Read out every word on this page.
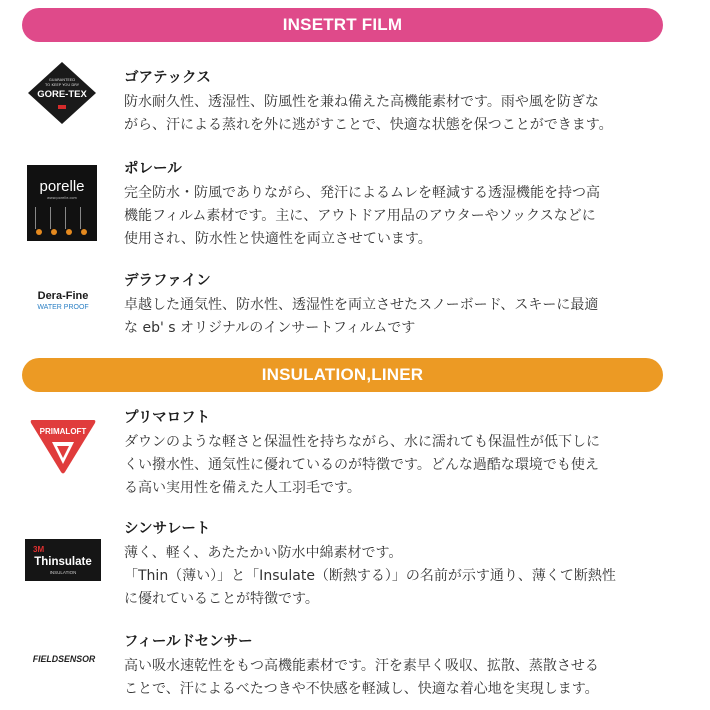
INSETRT FILM
GUARANTEED
TO KEEP YOU DRY
GORE-TEX
ゴアテックス
防水耐久性、透湿性、防風性を兼ね備えた高機能素材です。雨や風を防ぎな
がら、汗による蒸れを外に逃がすことで、快適な状態を保つことができます。
porelle
www.porelle.com
ポレール
完全防水・防風でありながら、発汗によるムレを軽減する透湿機能を持つ高
機能フィルム素材です。主に、アウトドア用品のアウターやソックスなどに
使用され、防水性と快適性を両立させています。
Dera-Fine
WATER PROOF
デラファイン
卓越した通気性、防水性、透湿性を両立させたスノーボード、スキーに最適
な eb' s オリジナルのインサートフィルムです
INSULATION,LINER
PRIMALOFT
プリマロフト
ダウンのような軽さと保温性を持ちながら、水に濡れても保温性が低下しに
くい撥水性、通気性に優れているのが特徴です。どんな過酷な環境でも使え
る高い実用性を備えた人工羽毛です。
3M
Thinsulate
INSULATION
シンサレート
薄く、軽く、あたたかい防水中綿素材です。
「Thin（薄い）」と「Insulate（断熱する）」の名前が示す通り、薄くて断熱性
に優れていることが特徴です。
FIELDSENSOR
フィールドセンサー
高い吸水速乾性をもつ高機能素材です。汗を素早く吸収、拡散、蒸散させる
ことで、汗によるべたつきや不快感を軽減し、快適な着心地を実現します。
